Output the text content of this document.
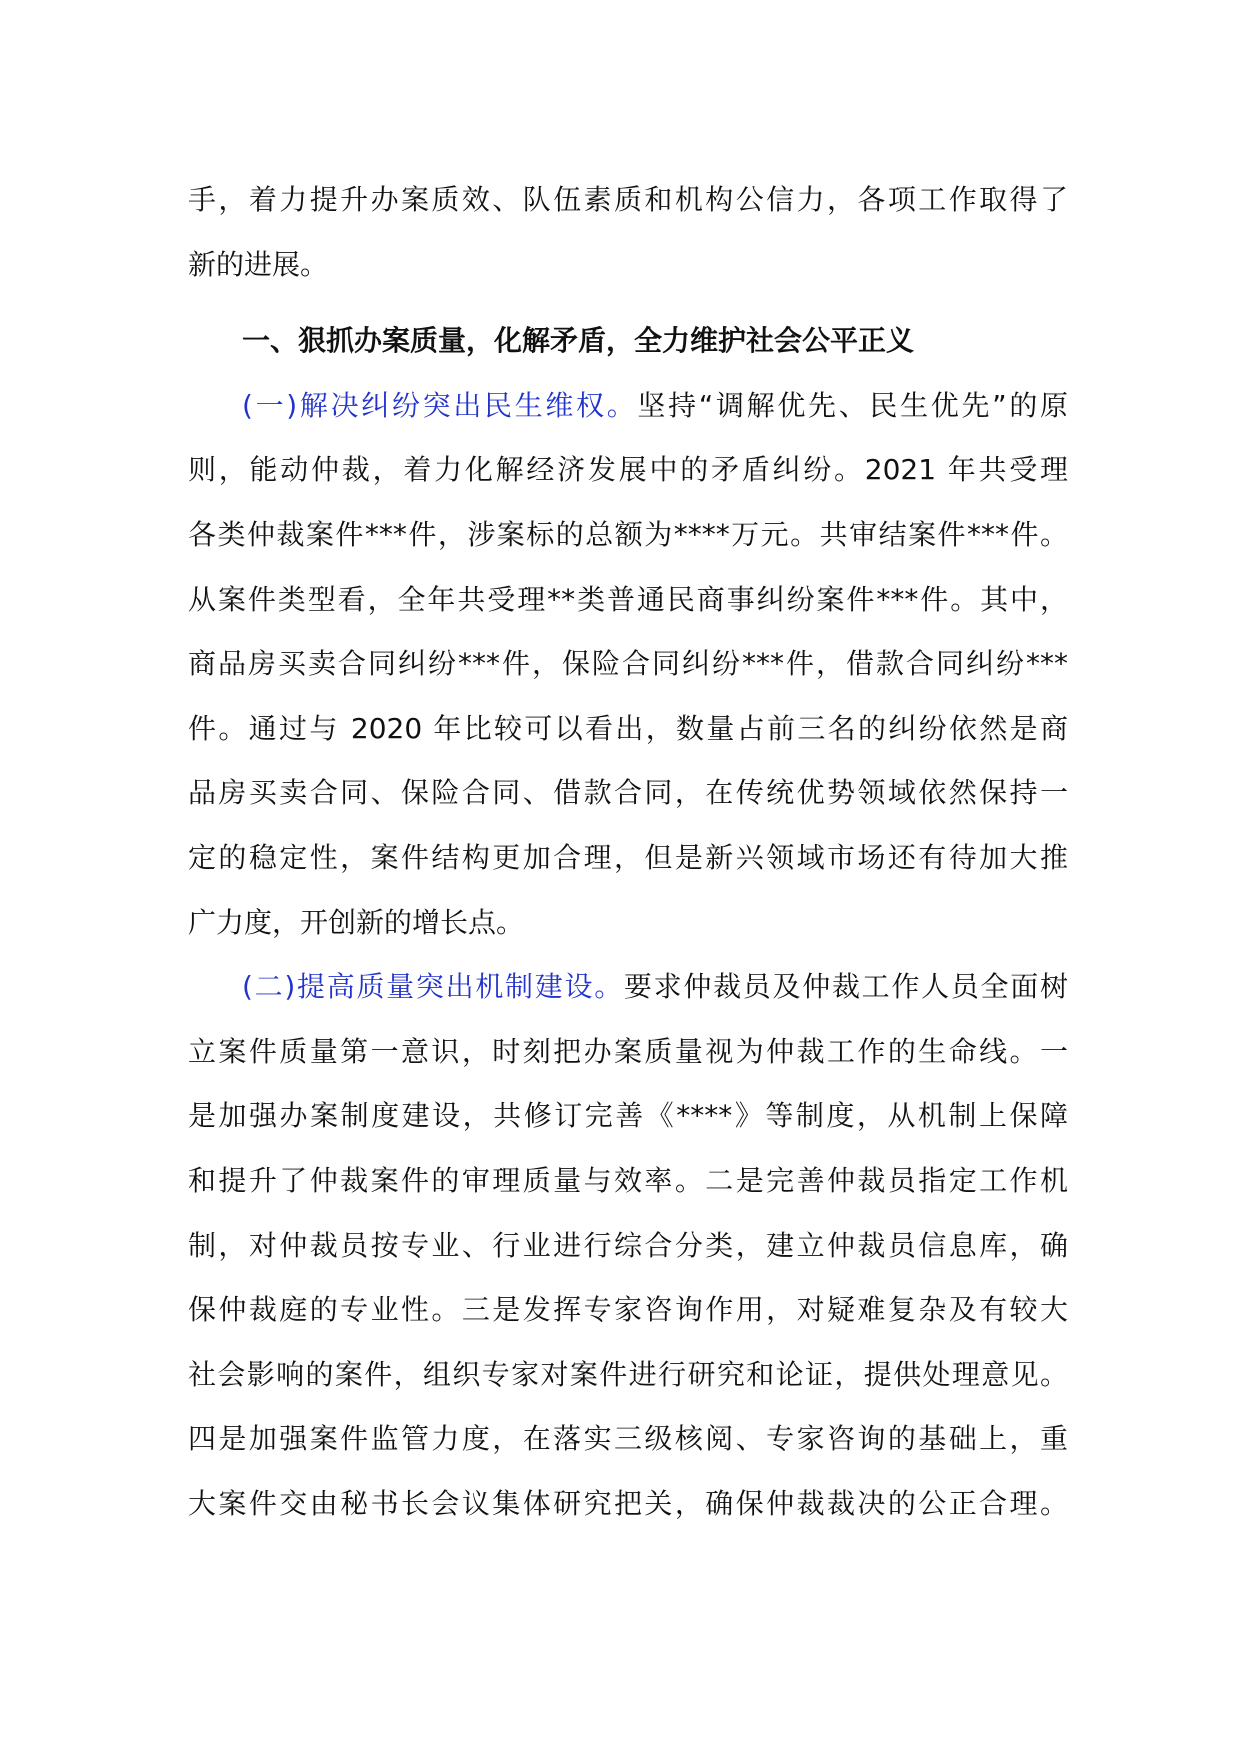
手，着力提升办案质效、队伍素质和机构公信力，各项工作取得了
新的进展。
一、狠抓办案质量，化解矛盾，全力维护社会公平正义
(一)解决纠纷突出民生维权。坚持“调解优先、民生优先”的原
则，能动仲裁，着力化解经济发展中的矛盾纠纷。2021 年共受理
各类仲裁案件***件，涉案标的总额为****万元。共审结案件***件。
从案件类型看，全年共受理**类普通民商事纠纷案件***件。其中，
商品房买卖合同纠纷***件，保险合同纠纷***件，借款合同纠纷***
件。通过与 2020 年比较可以看出，数量占前三名的纠纷依然是商
品房买卖合同、保险合同、借款合同，在传统优势领域依然保持一
定的稳定性，案件结构更加合理，但是新兴领域市场还有待加大推
广力度，开创新的增长点。
(二)提高质量突出机制建设。要求仲裁员及仲裁工作人员全面树
立案件质量第一意识，时刻把办案质量视为仲裁工作的生命线。一
是加强办案制度建设，共修订完善《****》等制度，从机制上保障
和提升了仲裁案件的审理质量与效率。二是完善仲裁员指定工作机
制，对仲裁员按专业、行业进行综合分类，建立仲裁员信息库，确
保仲裁庭的专业性。三是发挥专家咨询作用，对疑难复杂及有较大
社会影响的案件，组织专家对案件进行研究和论证，提供处理意见。
四是加强案件监管力度，在落实三级核阅、专家咨询的基础上，重
大案件交由秘书长会议集体研究把关，确保仲裁裁决的公正合理。
